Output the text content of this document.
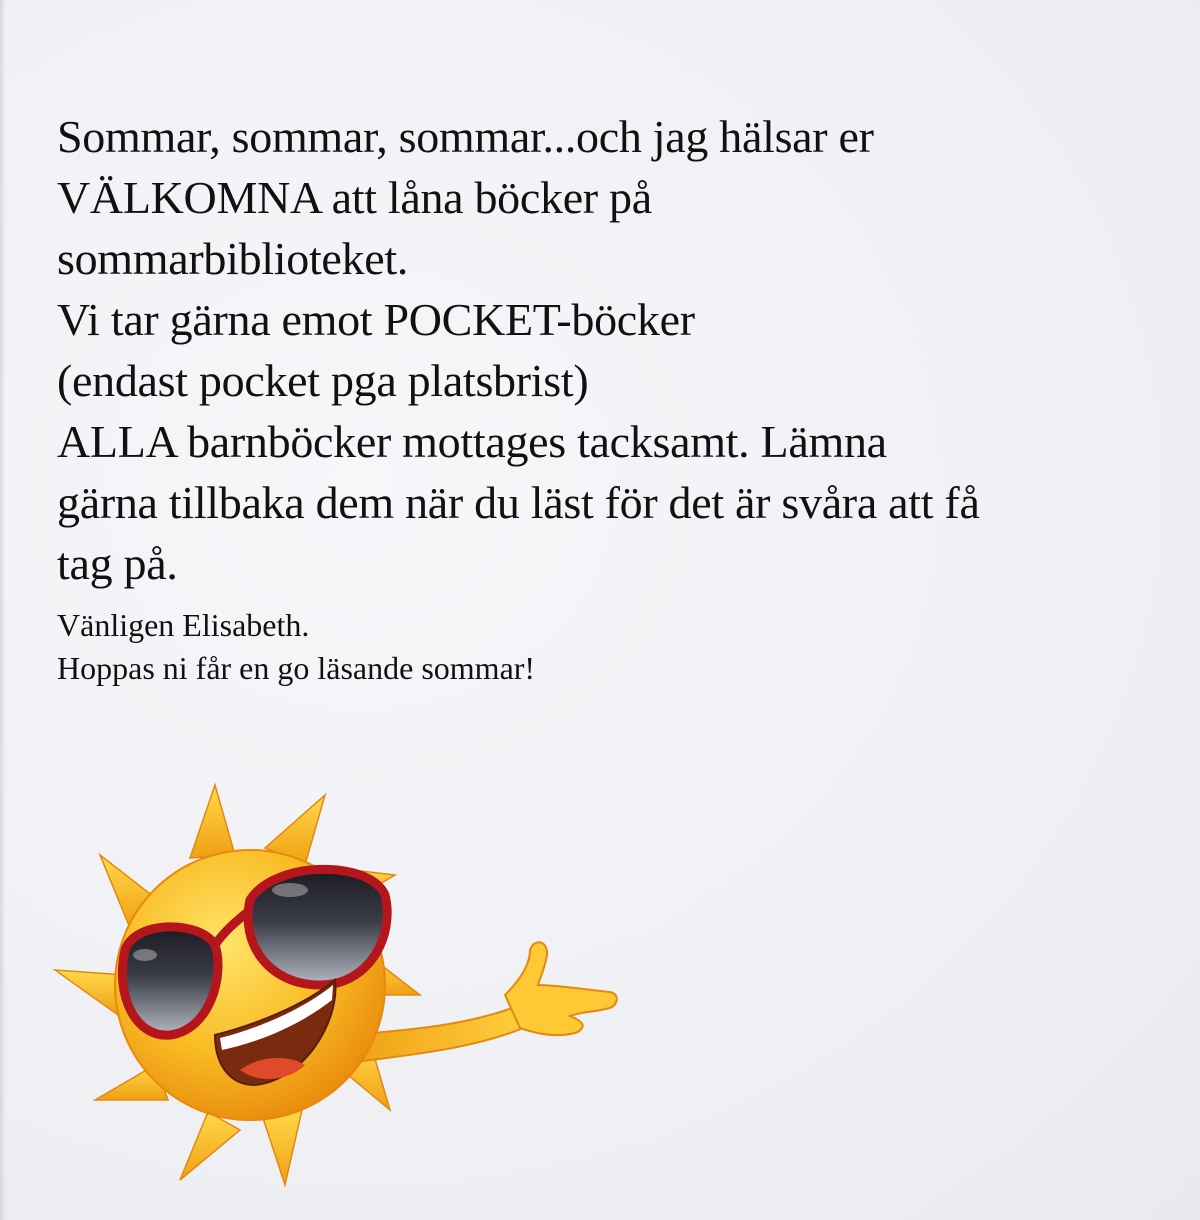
Sommar, sommar, sommar...och jag hälsar er

VÄLKOMNA att låna böcker på

sommarbiblioteket.

Vi tar gärna emot POCKET-böcker

(endast pocket pga platsbrist)

ALLA barnböcker mottages tacksamt. Lämna

gärna tillbaka dem när du läst för det är svåra att få

tag på.

Vänligen Elisabeth.

Hoppas ni får en go läsande sommar!
